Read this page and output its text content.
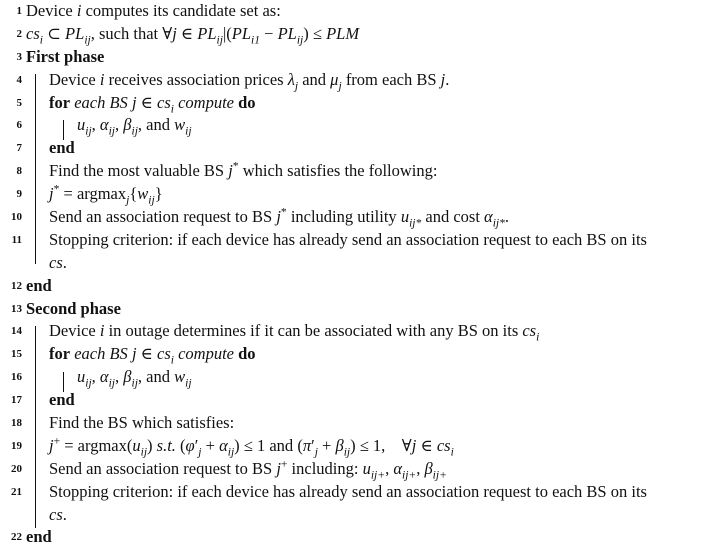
1 Device i computes its candidate set as:
2 $cs_i$ ⊂ $PL_{ij}$, such that ∀j ∈ $PL_{ij}|(PL_{i1} - PL_{ij})$ ≤ PLM
3 First phase
4 Device i receives association prices $\lambda_j$ and $\mu_j$ from each BS j.
5 for each BS j ∈ $cs_i$ compute do
6	$u_{ij}$, $\alpha_{ij}$, $\beta_{ij}$, and $w_{ij}$
7 end
8 Find the most valuable BS j* which satisfies the following:
9 $j^* = argmax_j\{w_{ij}\}$
10 Send an association request to BS j* including utility $u_{ij*}$ and cost $\alpha_{ij*}$.
11 Stopping criterion: if each device has already send an association request to each BS on its
cs.
12 end
13 Second phase
14 Device i in outage determines if it can be associated with any BS on its $cs_i$
15 for each BS j ∈ $cs_i$ compute do
16	$u_{ij}$, $\alpha_{ij}$, $\beta_{ij}$, and $w_{ij}$
17 end
18 Find the BS which satisfies:
19 $j^+ = argmax(u_{ij})$ s.t. $(\varphi'_j + \alpha_{ij}) \le 1$ and $(\pi'_j + \beta_{ij}) \le 1$,    ∀j ∈ $cs_i$
20 Send an association request to BS j+ including: $u_{ij+}$, $\alpha_{ij+}$, $\beta_{ij+}$
21 Stopping criterion: if each device has already send an association request to each BS on its
cs.
22 end
